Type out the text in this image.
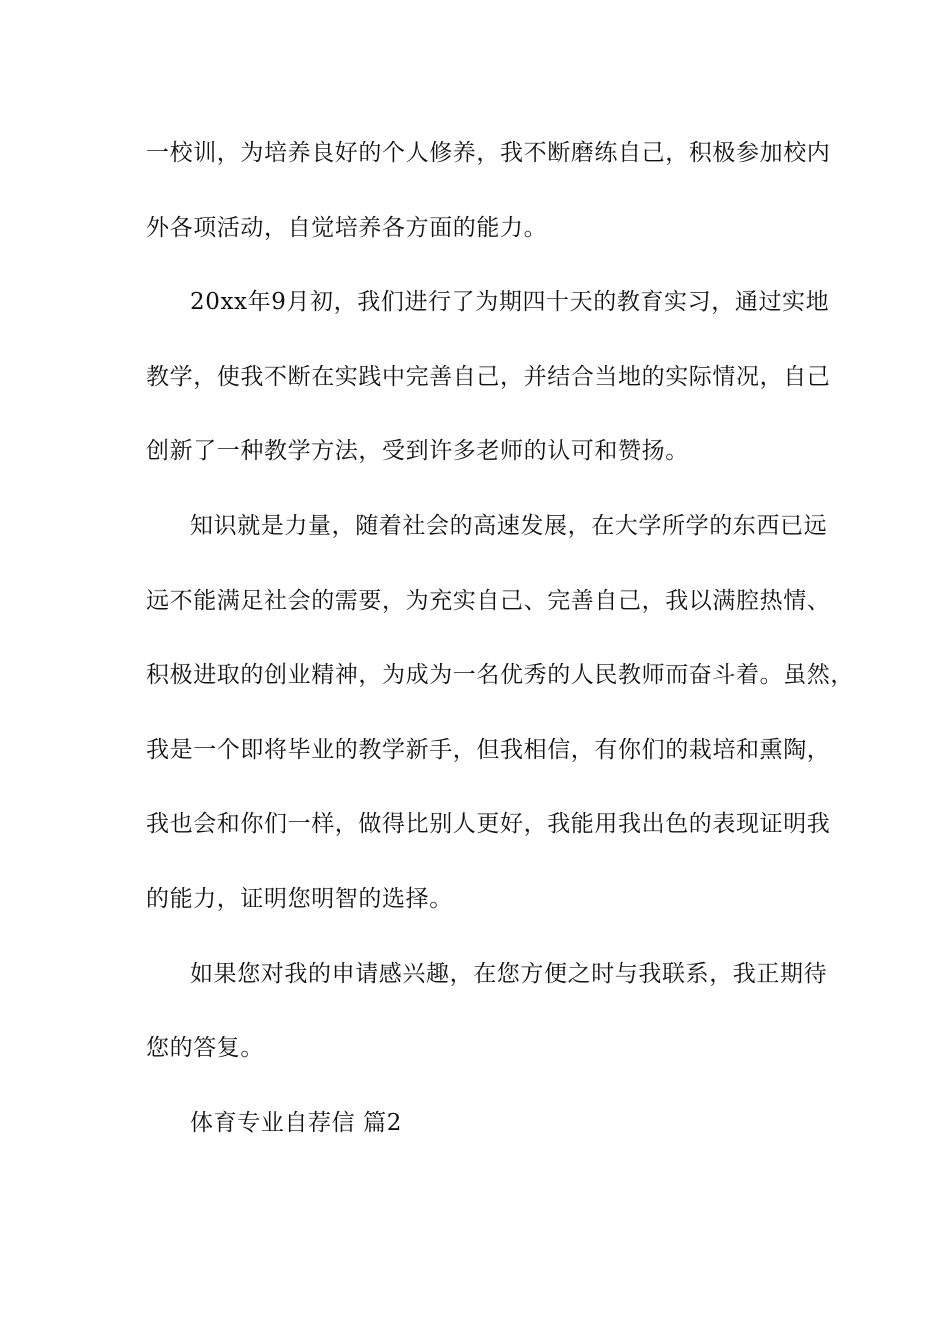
一校训，为培养良好的个人修养，我不断磨练自己，积极参加校内
外各项活动，自觉培养各方面的能力。
20xx年9月初，我们进行了为期四十天的教育实习，通过实地
教学，使我不断在实践中完善自己，并结合当地的实际情况，自己
创新了一种教学方法，受到许多老师的认可和赞扬。
知识就是力量，随着社会的高速发展，在大学所学的东西已远
远不能满足社会的需要，为充实自己、完善自己，我以满腔热情、
积极进取的创业精神，为成为一名优秀的人民教师而奋斗着。虽然，
我是一个即将毕业的教学新手，但我相信，有你们的栽培和熏陶，
我也会和你们一样，做得比别人更好，我能用我出色的表现证明我
的能力，证明您明智的选择。
如果您对我的申请感兴趣，在您方便之时与我联系，我正期待
您的答复。
体育专业自荐信 篇2
